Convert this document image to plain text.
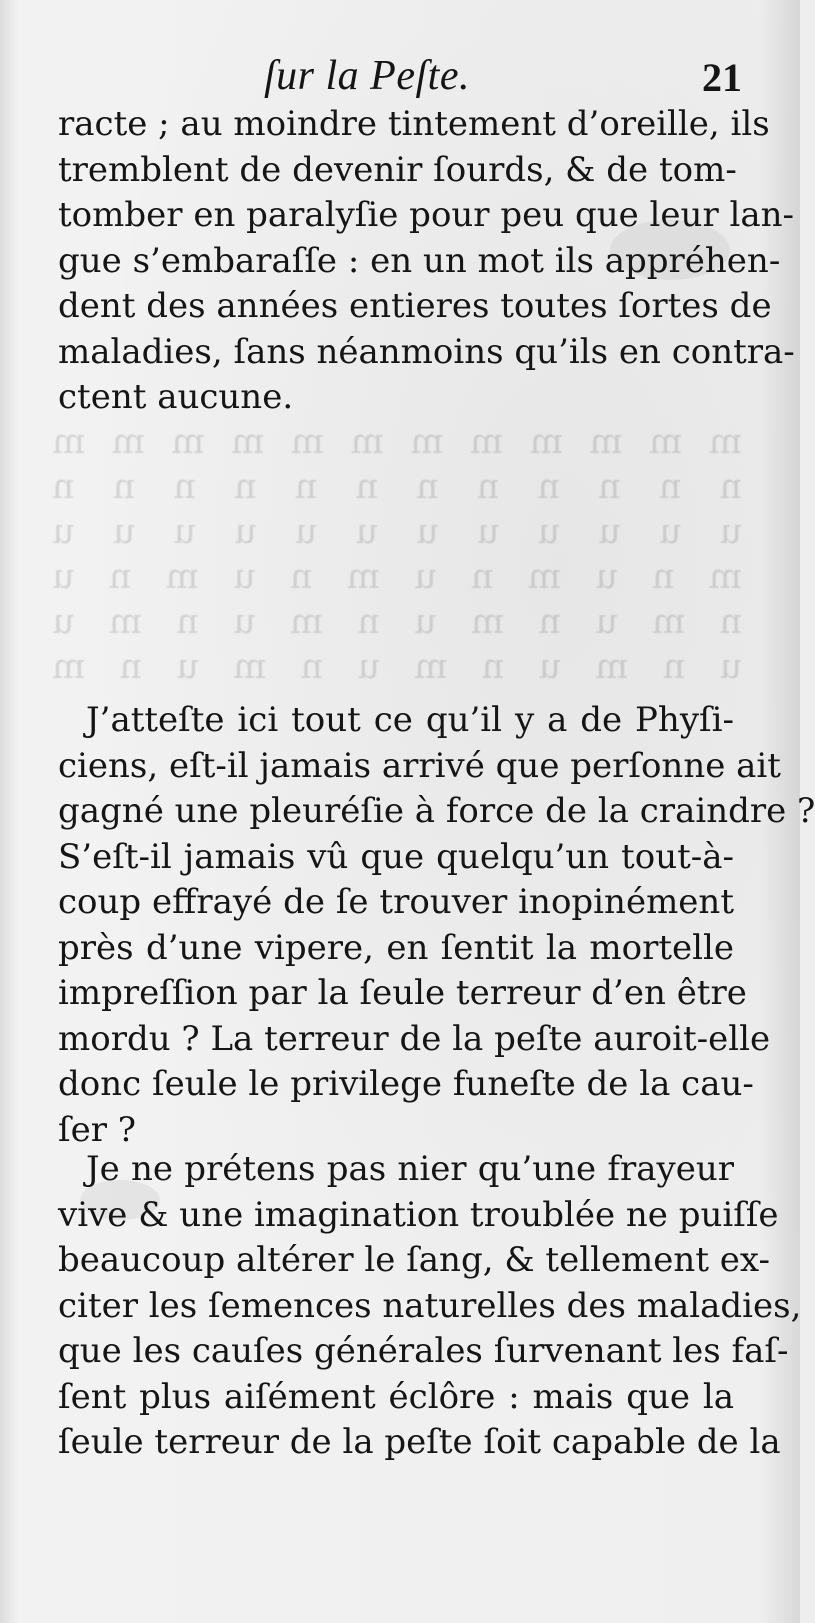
m m m m m m m m m m m m
n n n n n n n n n n n n
u u u u u u u u u u u u
m n u m n u m n u m n u
n m u n m u n m u n m u
u n m u n m u n m u n m
ſur la Peſte.	21
racte ; au moindre tintement d’oreille, ils
tremblent de devenir ſourds, & de tom-
tomber en paralyſie pour peu que leur lan-
gue s’embaraſſe : en un mot ils appréhen-
dent des années entieres toutes ſortes de
maladies, ſans néanmoins qu’ils en contra-
ctent aucune.
J’atteſte ici tout ce qu’il y a de Phyſi-
ciens, eſt-il jamais arrivé que perſonne ait
gagné une pleuréſie à force de la craindre ?
S’eſt-il jamais vû que quelqu’un tout-à-
coup effrayé de ſe trouver inopinément
près d’une vipere, en ſentit la mortelle
impreſſion par la ſeule terreur d’en être
mordu ? La terreur de la peſte auroit-elle
donc ſeule le privilege funeſte de la cau-
ſer ?
Je ne prétens pas nier qu’une frayeur
vive & une imagination troublée ne puiſſe
beaucoup altérer le ſang, & tellement ex-
citer les ſemences naturelles des maladies,
que les cauſes générales ſurvenant les faſ-
ſent plus aiſément éclôre : mais que la
ſeule terreur de la peſte ſoit capable de la
